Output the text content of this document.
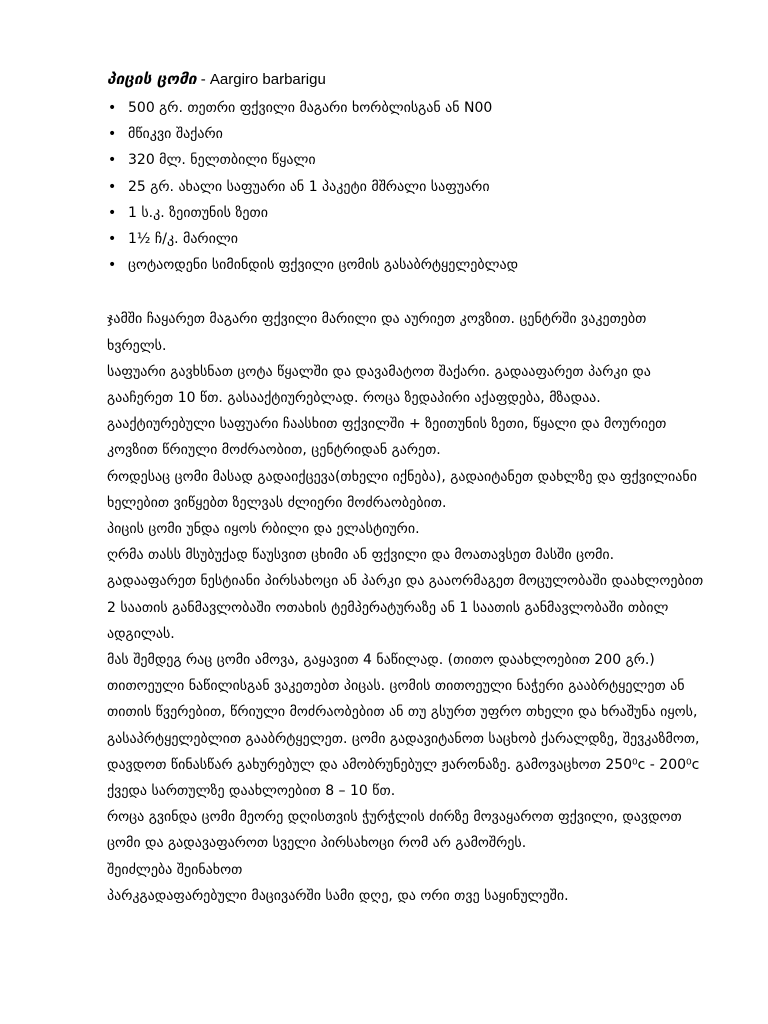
პიცის ცომი - Aargiro barbarigu
• 500 გრ. თეთრი ფქვილი მაგარი ხორბლისგან ან N00
• მწიკვი შაქარი
• 320 მლ. ნელთბილი წყალი
• 25 გრ. ახალი საფუარი ან 1 პაკეტი მშრალი საფუარი
• 1 ს.კ. ზეითუნის ზეთი
• 1½ ჩ/კ. მარილი
• ცოტაოდენი სიმინდის ფქვილი ცომის გასაბრტყელებლად

ჯამში ჩაყარეთ მაგარი ფქვილი მარილი და აურიეთ კოვზით. ცენტრში ვაკეთებთ ხვრელს.

საფუარი გავხსნათ ცოტა წყალში და დავამატოთ შაქარი. გადააფარეთ პარკი და გააჩერეთ 10 წთ. გასააქტიურებლად. როცა ზედაპირი აქაფდება, მზადაა.

გააქტიურებული საფუარი ჩაასხით ფქვილში + ზეითუნის ზეთი, წყალი და მოურიეთ კოვზით წრიული მოძრაობით, ცენტრიდან გარეთ.

როდესაც ცომი მასად გადაიქცევა(თხელი იქნება), გადაიტანეთ დახლზე და ფქვილიანი ხელებით ვიწყებთ ზელვას ძლიერი მოძრაობებით.

პიცის ცომი უნდა იყოს რბილი და ელასტიური.

ღრმა თასს მსუბუქად წაუსვით ცხიმი ან ფქვილი და მოათავსეთ მასში ცომი. გადააფარეთ ნესტიანი პირსახოცი ან პარკი და გააორმაგეთ მოცულობაში დაახლოებით 2 საათის განმავლობაში ოთახის ტემპერატურაზე ან 1 საათის განმავლობაში თბილ ადგილას.

მას შემდეგ რაც ცომი ამოვა, გაყავით 4 ნაწილად. (თითო დაახლოებით 200 გრ.) თითოეული ნაწილისგან ვაკეთებთ პიცას. ცომის თითოეული ნაჭერი გააბრტყელეთ ან თითის წვერებით, წრიული მოძრაობებით ან თუ გსურთ უფრო თხელი და ხრაშუნა იყოს, გასაპრტყელებლით გააბრტყელეთ. ცომი გადავიტანოთ საცხობ ქარალდზე, შევკაზმოთ, დავდოთ წინასწარ გახურებულ და ამობრუნებულ ჟარონაზე. გამოვაცხოთ 250⁰c - 200⁰c ქვედა სართულზე დაახლოებით 8 – 10 წთ.

როცა გვინდა ცომი მეორე დღისთვის ჭურჭლის ძირზე მოვაყაროთ ფქვილი, დავდოთ ცომი და გადავაფაროთ სველი პირსახოცი რომ არ გამოშრეს.

შეიძლება შეინახოთ

პარკგადაფარებული მაცივარში სამი დღე, და ორი თვე საყინულეში.
